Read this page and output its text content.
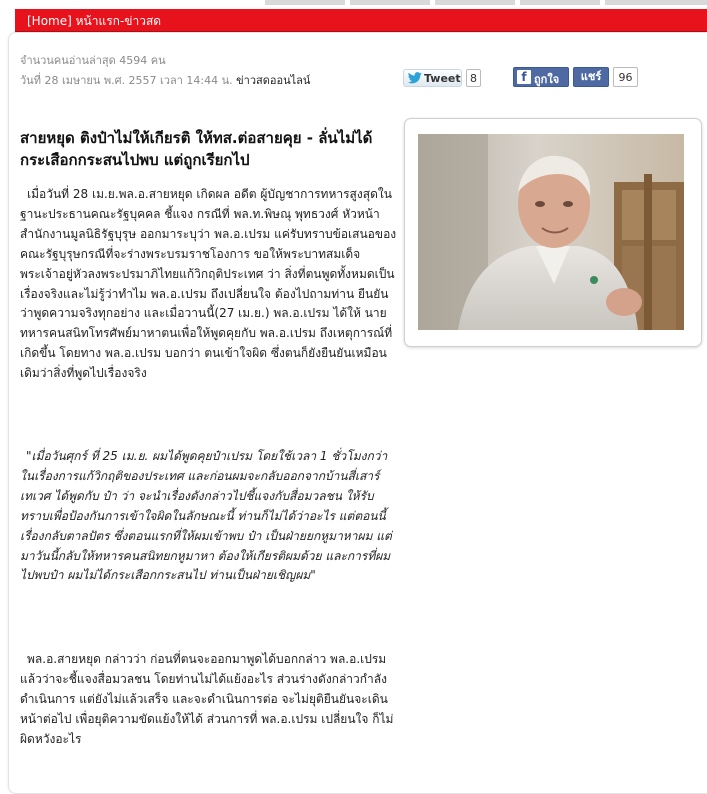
[Home] หน้าแรก-ข่าวสด
จำนวนคนอ่านล่าสุด 4594 คน
วันที่ 28 เมษายน พ.ศ. 2557 เวลา 14:44 น. ข่าวสดออนไลน์	Tweet 8	f ถูกใจ	แชร์	96
สายหยุด ติงป๋าไม่ให้เกียรติ ให้ทส.ต่อสายคุย - ลั่นไม่ได้กระเสือกกระสนไปพบ แต่ถูกเรียกไป

เมื่อวันที่ 28 เม.ย.พล.อ.สายหยุด เกิดผล อดีต ผู้บัญชาการทหารสูงสุดในฐานะประธานคณะรัฐบุคคล ชี้แจง กรณีที่ พล.ท.พิษณุ พุทธวงศ์ หัวหน้าสำนักงานมูลนิธิรัฐบุรุษ ออกมาระบุว่า พล.อ.เปรม แค่รับทราบข้อเสนอของคณะรัฐบุรุษกรณีที่จะร่างพระบรมราชโองการ ขอให้พระบาทสมเด็จพระเจ้าอยู่หัวลงพระปรมาภิไทยแก้วิกฤติประเทศ ว่า สิ่งที่ตนพูดทั้งหมดเป็นเรื่องจริงและไม่รู้ว่าทำไม พล.อ.เปรม ถึงเปลี่ยนใจ ต้องไปถามท่าน ยืนยันว่าพูดความจริงทุกอย่าง และเมื่อวานนี้(27 เม.ย.) พล.อ.เปรม ได้ให้ นายทหารคนสนิทโทรศัพย์มาหาตนเพื่อให้พูดคุยกับ พล.อ.เปรม ถึงเหตุการณ์ที่เกิดขึ้น โดยทาง พล.อ.เปรม บอกว่า ตนเข้าใจผิด ซึ่งตนก็ยังยืนยันเหมือนเดิมว่าสิ่งที่พูดไปเรื่องจริง

"เมื่อวันศุกร์ ที่ 25 เม.ย. ผมได้พูดคุยป๋าเปรม โดยใช้เวลา 1 ชั่วโมงกว่า ในเรื่องการแก้วิกฤติของประเทศ และก่อนผมจะกลับออกจากบ้านสี่เสาร์เทเวศ ได้พูดกับ ป๋า ว่า จะนำเรื่องดังกล่าวไปชี้แจงกับสื่อมวลชน ให้รับทราบเพื่อป้องกันการเข้าใจผิดในลักษณะนี้ ท่านก็ไม่ได้ว่าอะไร แต่ตอนนี้เรื่องกลับตาลปัตร ซึ่งตอนแรกที่ให้ผมเข้าพบ ป๋า เป็นฝ่ายยกหูมาหาผม แต่มาวันนี้กลับให้ทหารคนสนิทยกหูมาหา ต้องให้เกียรติผมด้วย และการที่ผมไปพบป๋า ผมไม่ได้กระเสือกกระสนไป ท่านเป็นฝ่ายเชิญผม"

พล.อ.สายหยุด กล่าวว่า ก่อนที่ตนจะออกมาพูดได้บอกกล่าว พล.อ.เปรม แล้วว่าจะชี้แจงสื่อมวลชน โดยท่านไม่ได้แย้งอะไร ส่วนร่างดังกล่าวกำลังดำเนินการ แต่ยังไม่แล้วเสร็จ และจะดำเนินการต่อ จะไม่ยุติยืนยันจะเดินหน้าต่อไป เพื่อยุติความขัดแย้งให้ได้ ส่วนการที่ พล.อ.เปรม เปลี่ยนใจ ก็ไม่ผิดหวังอะไร
